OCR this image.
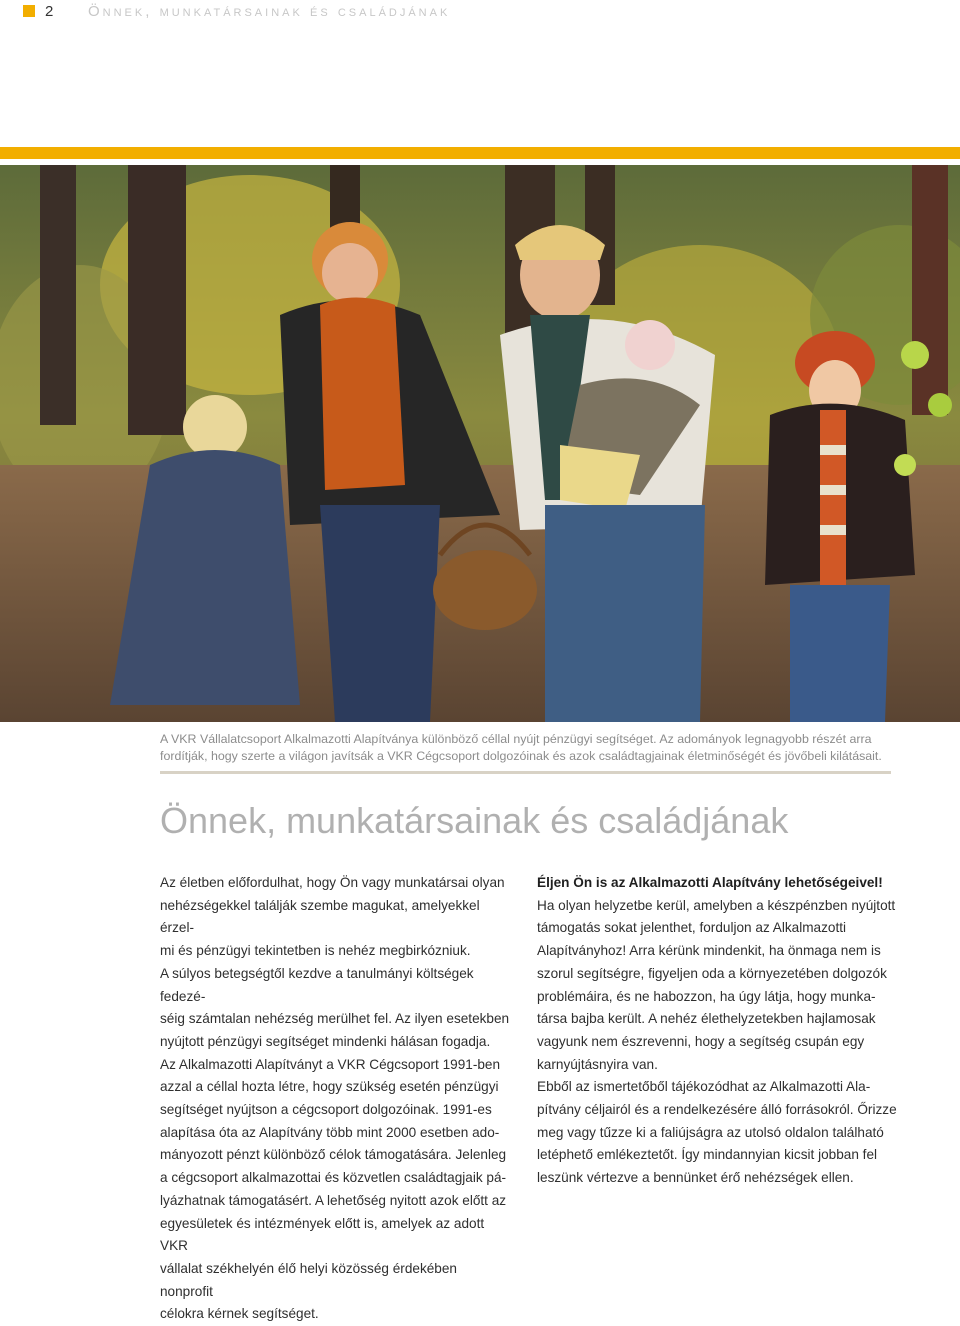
2 Önnek, munkatársainak és családjának
A VKR Vállalatcsoport Alkalmazotti Alapítványa különböző céllal nyújt pénzügyi segítséget. Az adományok legnagyobb részét arra fordítják, hogy szerte a világon javítsák a VKR Cégcsoport dolgozóinak és azok családtagjainak életminőségét és jövőbeli kilátásait.
Önnek, munkatársainak és családjának

Az életben előfordulhat, hogy Ön vagy munkatársai olyan

nehézségekkel találják szembe magukat, amelyekkel érzel-

mi és pénzügyi tekintetben is nehéz megbirkózniuk.

A súlyos betegségtől kezdve a tanulmányi költségek fedezé-

séig számtalan nehézség merülhet fel. Az ilyen esetekben

nyújtott pénzügyi segítséget mindenki hálásan fogadja.

Az Alkalmazotti Alapítványt a VKR Cégcsoport 1991-ben

azzal a céllal hozta létre, hogy szükség esetén pénzügyi

segítséget nyújtson a cégcsoport dolgozóinak. 1991-es

alapítása óta az Alapítvány több mint 2000 esetben ado-

mányozott pénzt különböző célok támogatására. Jelenleg

a cégcsoport alkalmazottai és közvetlen családtagjaik pá-

lyázhatnak támogatásért. A lehetőség nyitott azok előtt az

egyesületek és intézmények előtt is, amelyek az adott VKR

vállalat székhelyén élő helyi közösség érdekében nonprofit

célokra kérnek segítséget.

Éljen Ön is az Alkalmazotti Alapítvány lehetőségeivel!

Ha olyan helyzetbe kerül, amelyben a készpénzben nyújtott

támogatás sokat jelenthet, forduljon az Alkalmazotti

Alapítványhoz! Arra kérünk mindenkit, ha önmaga nem is

szorul segítségre, figyeljen oda a környezetében dolgozók

problémáira, és ne habozzon, ha úgy látja, hogy munka-

társa bajba került. A nehéz élethelyzetekben hajlamosak

vagyunk nem észrevenni, hogy a segítség csupán egy

karnyújtásnyira van.

Ebből az ismertetőből tájékozódhat az Alkalmazotti Ala-

pítvány céljairól és a rendelkezésére álló forrásokról. Őrizze

meg vagy tűzze ki a faliújságra az utolsó oldalon található

letéphető emlékeztetőt. Így mindannyian kicsit jobban fel

leszünk vértezve a bennünket érő nehézségek ellen.
